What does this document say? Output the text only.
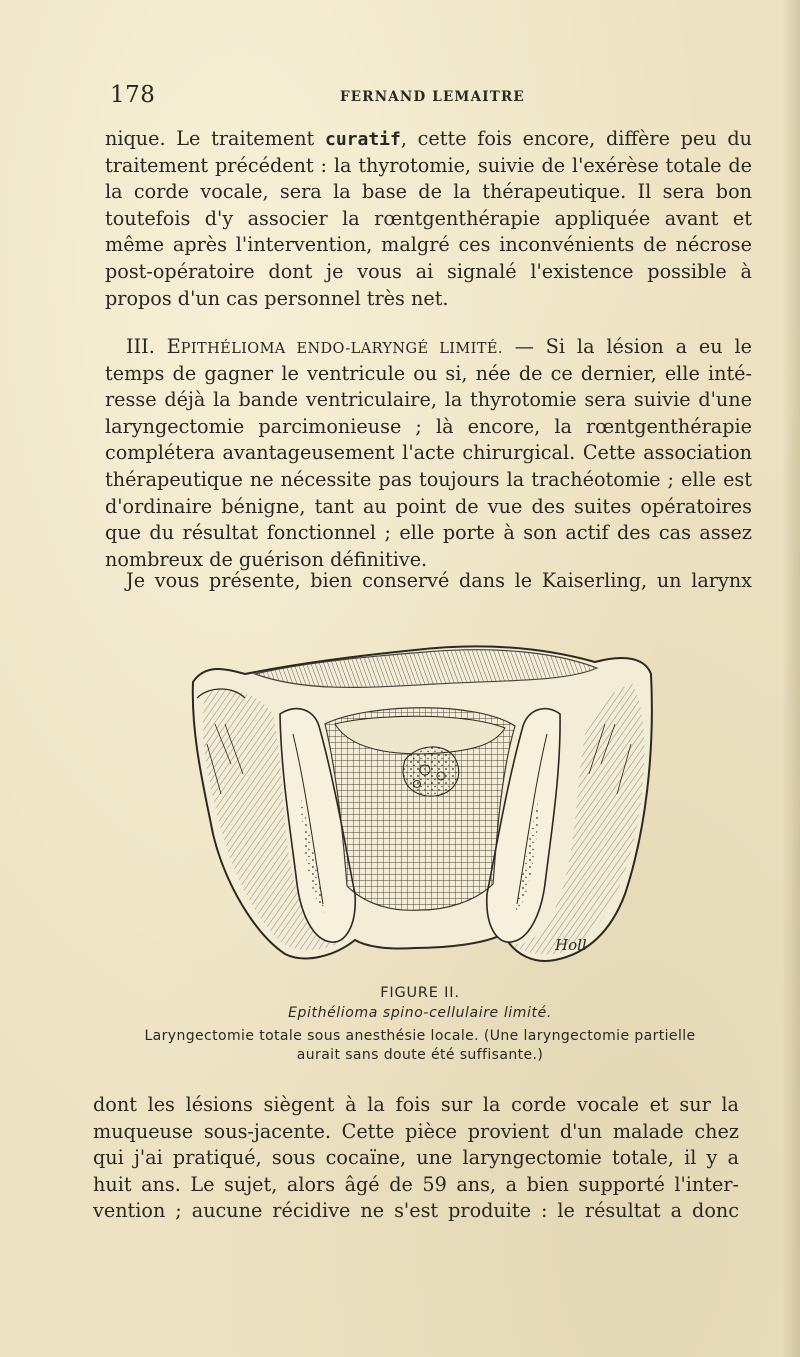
178	FERNAND LEMAITRE
nique. Le traitement curatif, cette fois encore, diffère peu du
traitement précédent : la thyrotomie, suivie de l'exérèse totale de
la corde vocale, sera la base de la thérapeutique. Il sera bon
toutefois d'y associer la rœntgenthérapie appliquée avant et
même après l'intervention, malgré ces inconvénients de nécrose
post-opératoire dont je vous ai signalé l'existence possible à
propos d'un cas personnel très net.
III. EPITHÉLIOMA ENDO-LARYNGÉ LIMITÉ. — Si la lésion a eu le
temps de gagner le ventricule ou si, née de ce dernier, elle inté-
resse déjà la bande ventriculaire, la thyrotomie sera suivie d'une
laryngectomie parcimonieuse ; là encore, la rœntgenthérapie
complétera avantageusement l'acte chirurgical. Cette association
thérapeutique ne nécessite pas toujours la trachéotomie ; elle est
d'ordinaire bénigne, tant au point de vue des suites opératoires
que du résultat fonctionnel ; elle porte à son actif des cas assez
nombreux de guérison définitive.
Je vous présente, bien conservé dans le Kaiserling, un larynx
Holl
FIGURE II.
Epithélioma spino-cellulaire limité.
Laryngectomie totale sous anesthésie locale. (Une laryngectomie partielle
aurait sans doute été suffisante.)
dont les lésions siègent à la fois sur la corde vocale et sur la
muqueuse sous-jacente. Cette pièce provient d'un malade chez
qui j'ai pratiqué, sous cocaïne, une laryngectomie totale, il y a
huit ans. Le sujet, alors âgé de 59 ans, a bien supporté l'inter-
vention ; aucune récidive ne s'est produite : le résultat a donc
